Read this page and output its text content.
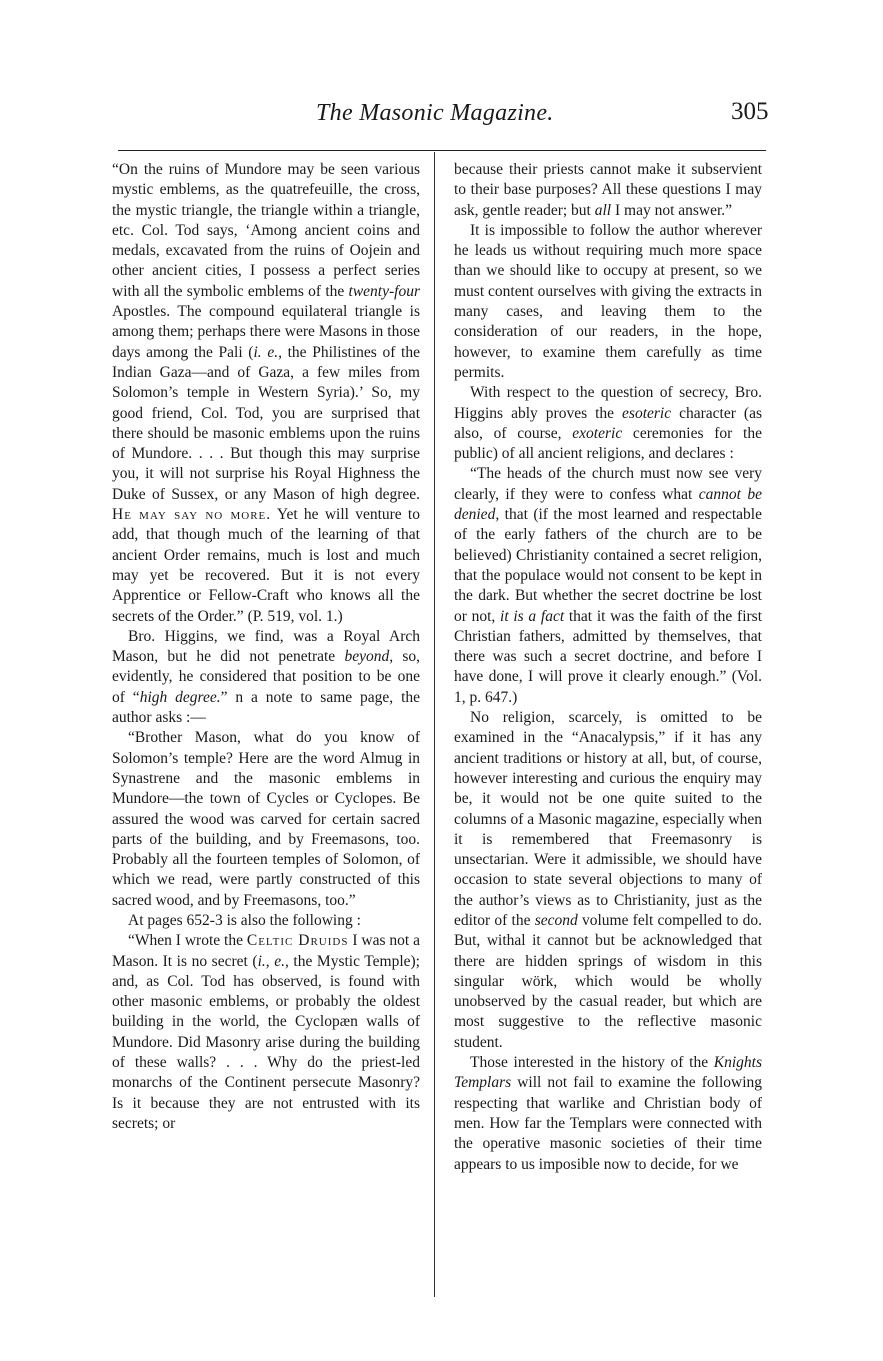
The Masonic Magazine.	305

“On the ruins of Mundore may be seen various mystic emblems, as the quatrefeuille, the cross, the mystic triangle, the triangle within a triangle, etc. Col. Tod says, ‘Among ancient coins and medals, excavated from the ruins of Oojein and other ancient cities, I possess a perfect series with all the symbolic emblems of the twenty-four Apostles. The compound equilateral triangle is among them; perhaps there were Masons in those days among the Pali (i. e., the Philistines of the Indian Gaza—and of Gaza, a few miles from Solomon’s temple in Western Syria).’ So, my good friend, Col. Tod, you are surprised that there should be masonic emblems upon the ruins of Mundore. . . . But though this may surprise you, it will not surprise his Royal Highness the Duke of Sussex, or any Mason of high degree. He may say no more. Yet he will venture to add, that though much of the learning of that ancient Order remains, much is lost and much may yet be recovered. But it is not every Apprentice or Fellow-Craft who knows all the secrets of the Order.” (P. 519, vol. 1.)

Bro. Higgins, we find, was a Royal Arch Mason, but he did not penetrate beyond, so, evidently, he considered that position to be one of “high degree.” n a note to same page, the author asks :—

“Brother Mason, what do you know of Solomon’s temple? Here are the word Almug in Synastrene and the masonic emblems in Mundore—the town of Cycles or Cyclopes. Be assured the wood was carved for certain sacred parts of the building, and by Freemasons, too. Probably all the fourteen temples of Solomon, of which we read, were partly constructed of this sacred wood, and by Freemasons, too.”

At pages 652-3 is also the following :

“When I wrote the Celtic Druids I was not a Mason. It is no secret (i., e., the Mystic Temple); and, as Col. Tod has observed, is found with other masonic emblems, or probably the oldest building in the world, the Cyclopæn walls of Mundore. Did Masonry arise during the building of these walls? . . . Why do the priest-led monarchs of the Continent persecute Masonry? Is it because they are not entrusted with its secrets; or

because their priests cannot make it subservient to their base purposes? All these questions I may ask, gentle reader; but all I may not answer.”

It is impossible to follow the author wherever he leads us without requiring much more space than we should like to occupy at present, so we must content ourselves with giving the extracts in many cases, and leaving them to the consideration of our readers, in the hope, however, to examine them carefully as time permits.

With respect to the question of secrecy, Bro. Higgins ably proves the esoteric character (as also, of course, exoteric ceremonies for the public) of all ancient religions, and declares :

“The heads of the church must now see very clearly, if they were to confess what cannot be denied, that (if the most learned and respectable of the early fathers of the church are to be believed) Christianity contained a secret religion, that the populace would not consent to be kept in the dark. But whether the secret doctrine be lost or not, it is a fact that it was the faith of the first Christian fathers, admitted by themselves, that there was such a secret doctrine, and before I have done, I will prove it clearly enough.” (Vol. 1, p. 647.)

No religion, scarcely, is omitted to be examined in the “Anacalypsis,” if it has any ancient traditions or history at all, but, of course, however interesting and curious the enquiry may be, it would not be one quite suited to the columns of a Masonic magazine, especially when it is remembered that Freemasonry is unsectarian. Were it admissible, we should have occasion to state several objections to many of the author’s views as to Christianity, just as the editor of the second volume felt compelled to do. But, withal it cannot but be acknowledged that there are hidden springs of wisdom in this singular wörk, which would be wholly unobserved by the casual reader, but which are most suggestive to the reflective masonic student.

Those interested in the history of the Knights Templars will not fail to examine the following respecting that warlike and Christian body of men. How far the Templars were connected with the operative masonic societies of their time appears to us imposible now to decide, for we
